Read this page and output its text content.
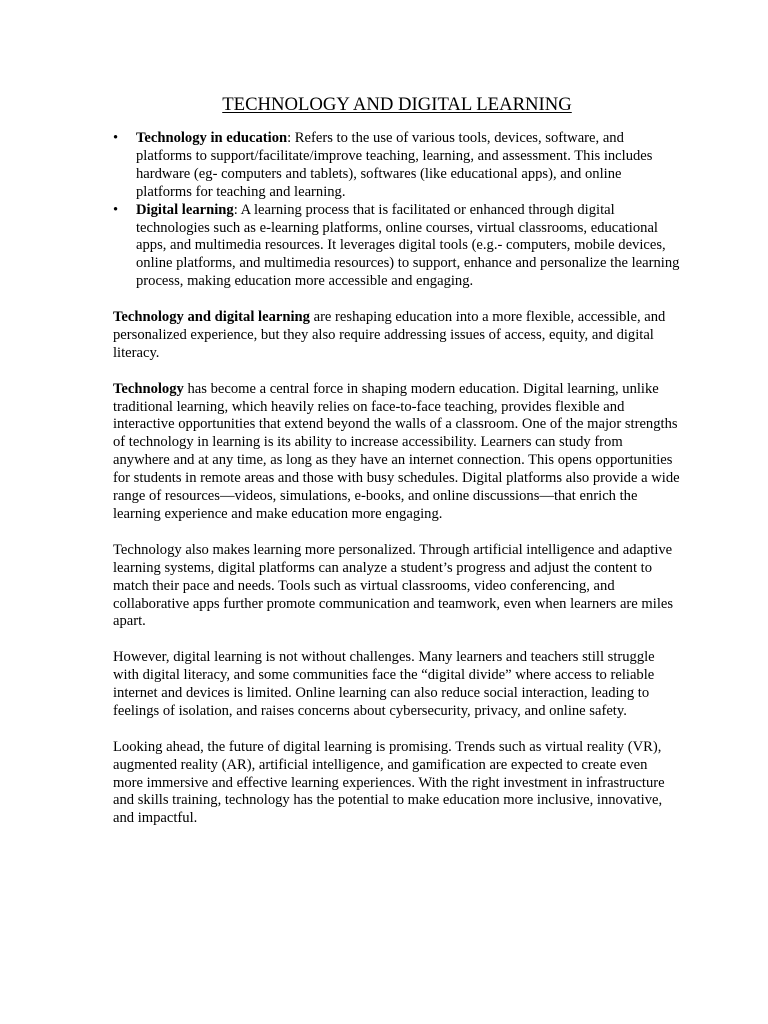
TECHNOLOGY AND DIGITAL LEARNING
•	Technology in education: Refers to the use of various tools, devices, software, and platforms to support/facilitate/improve teaching, learning, and assessment. This includes hardware (eg- computers and tablets), softwares (like educational apps), and online platforms for teaching and learning.
•	Digital learning: A learning process that is facilitated or enhanced through digital technologies such as e-learning platforms, online courses, virtual classrooms, educational apps, and multimedia resources. It leverages digital tools (e.g.- computers, mobile devices, online platforms, and multimedia resources) to support, enhance and personalize the learning process, making education more accessible and engaging.

Technology and digital learning are reshaping education into a more flexible, accessible, and personalized experience, but they also require addressing issues of access, equity, and digital literacy.

Technology has become a central force in shaping modern education. Digital learning, unlike traditional learning, which heavily relies on face-to-face teaching, provides flexible and interactive opportunities that extend beyond the walls of a classroom. One of the major strengths of technology in learning is its ability to increase accessibility. Learners can study from anywhere and at any time, as long as they have an internet connection. This opens opportunities for students in remote areas and those with busy schedules. Digital platforms also provide a wide range of resources—videos, simulations, e-books, and online discussions—that enrich the learning experience and make education more engaging.

Technology also makes learning more personalized. Through artificial intelligence and adaptive learning systems, digital platforms can analyze a student’s progress and adjust the content to match their pace and needs. Tools such as virtual classrooms, video conferencing, and collaborative apps further promote communication and teamwork, even when learners are miles apart.

However, digital learning is not without challenges. Many learners and teachers still struggle with digital literacy, and some communities face the “digital divide” where access to reliable internet and devices is limited. Online learning can also reduce social interaction, leading to feelings of isolation, and raises concerns about cybersecurity, privacy, and online safety.

Looking ahead, the future of digital learning is promising. Trends such as virtual reality (VR), augmented reality (AR), artificial intelligence, and gamification are expected to create even more immersive and effective learning experiences. With the right investment in infrastructure and skills training, technology has the potential to make education more inclusive, innovative, and impactful.
